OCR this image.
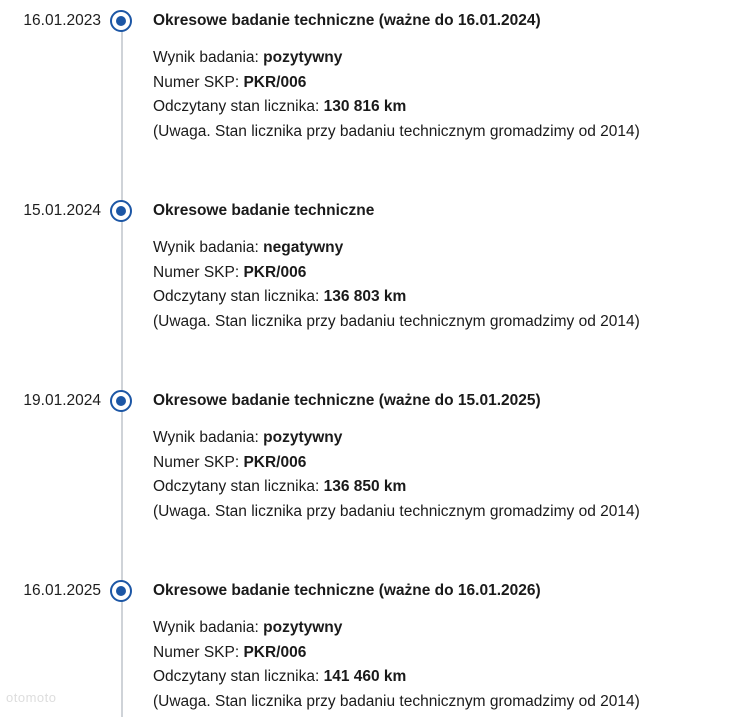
16.01.2023	Okresowe badanie techniczne (ważne do 16.01.2024)
Wynik badania: pozytywny
Numer SKP: PKR/006
Odczytany stan licznika: 130 816 km
(Uwaga. Stan licznika przy badaniu technicznym gromadzimy od 2014)
15.01.2024	Okresowe badanie techniczne
Wynik badania: negatywny
Numer SKP: PKR/006
Odczytany stan licznika: 136 803 km
(Uwaga. Stan licznika przy badaniu technicznym gromadzimy od 2014)
19.01.2024	Okresowe badanie techniczne (ważne do 15.01.2025)
Wynik badania: pozytywny
Numer SKP: PKR/006
Odczytany stan licznika: 136 850 km
(Uwaga. Stan licznika przy badaniu technicznym gromadzimy od 2014)
16.01.2025	Okresowe badanie techniczne (ważne do 16.01.2026)
Wynik badania: pozytywny
Numer SKP: PKR/006
Odczytany stan licznika: 141 460 km
(Uwaga. Stan licznika przy badaniu technicznym gromadzimy od 2014)
otomoto
